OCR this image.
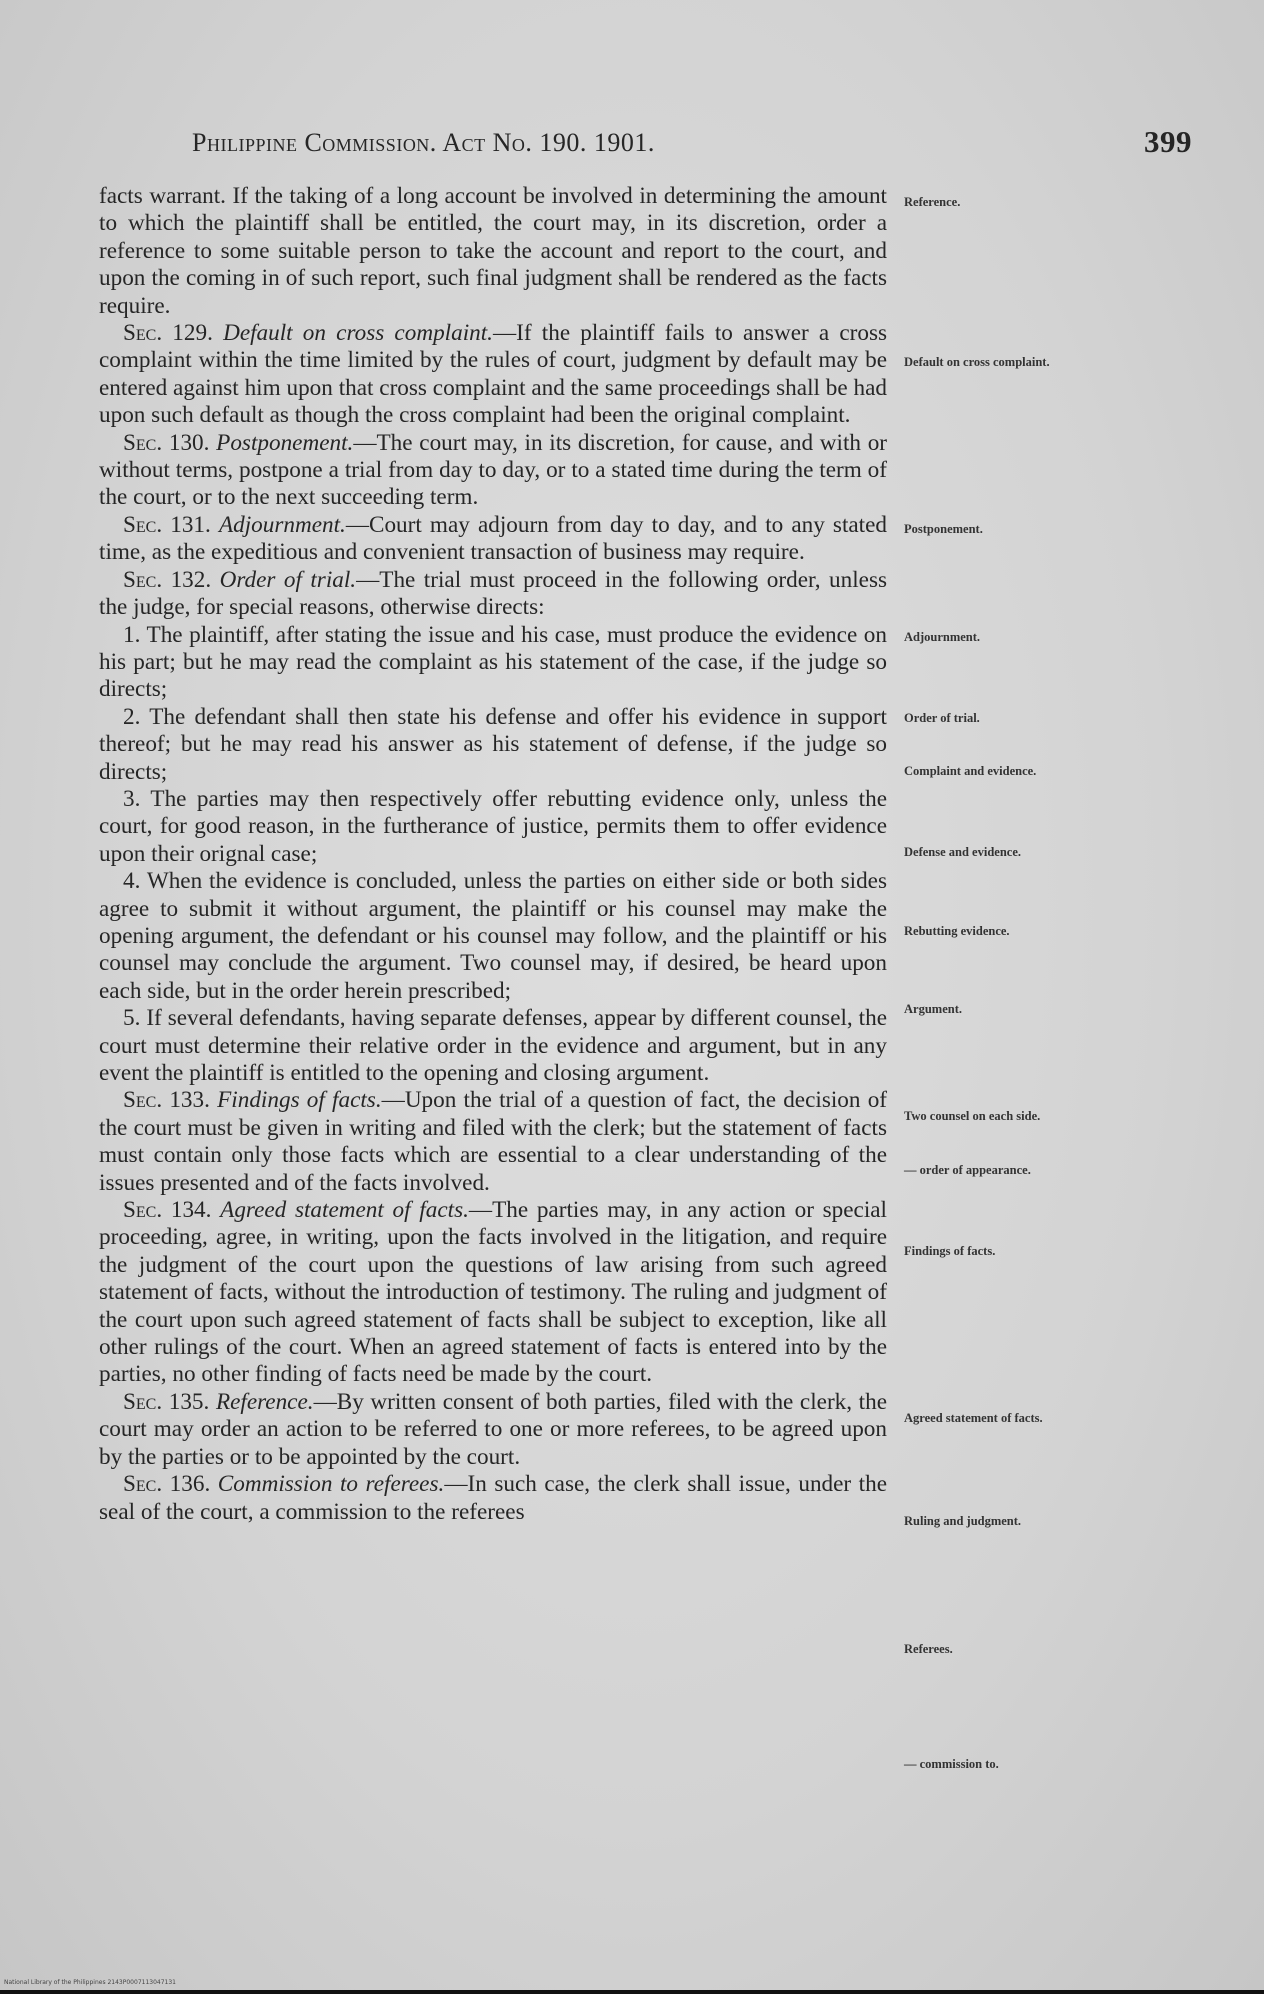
Philippine Commission. Act No. 190. 1901.	399

facts warrant. If the taking of a long account be involved in determining the amount to which the plaintiff shall be entitled, the court may, in its discretion, order a reference to some suitable person to take the account and report to the court, and upon the coming in of such report, such final judgment shall be rendered as the facts require.

Sec. 129. Default on cross complaint.—If the plaintiff fails to answer a cross complaint within the time limited by the rules of court, judgment by default may be entered against him upon that cross complaint and the same proceedings shall be had upon such default as though the cross complaint had been the original complaint.

Sec. 130. Postponement.—The court may, in its discretion, for cause, and with or without terms, postpone a trial from day to day, or to a stated time during the term of the court, or to the next succeeding term.

Sec. 131. Adjournment.—Court may adjourn from day to day, and to any stated time, as the expeditious and convenient transaction of business may require.

Sec. 132. Order of trial.—The trial must proceed in the following order, unless the judge, for special reasons, otherwise directs:

1. The plaintiff, after stating the issue and his case, must produce the evidence on his part; but he may read the complaint as his statement of the case, if the judge so directs;

2. The defendant shall then state his defense and offer his evidence in support thereof; but he may read his answer as his statement of defense, if the judge so directs;

3. The parties may then respectively offer rebutting evidence only, unless the court, for good reason, in the furtherance of justice, permits them to offer evidence upon their orignal case;

4. When the evidence is concluded, unless the parties on either side or both sides agree to submit it without argument, the plaintiff or his counsel may make the opening argument, the defendant or his counsel may follow, and the plaintiff or his counsel may conclude the argument. Two counsel may, if desired, be heard upon each side, but in the order herein prescribed;

5. If several defendants, having separate defenses, appear by different counsel, the court must determine their relative order in the evidence and argument, but in any event the plaintiff is entitled to the opening and closing argument.

Sec. 133. Findings of facts.—Upon the trial of a question of fact, the decision of the court must be given in writing and filed with the clerk; but the statement of facts must contain only those facts which are essential to a clear understanding of the issues presented and of the facts involved.

Sec. 134. Agreed statement of facts.—The parties may, in any action or special proceeding, agree, in writing, upon the facts involved in the litigation, and require the judgment of the court upon the questions of law arising from such agreed statement of facts, without the introduction of testimony. The ruling and judgment of the court upon such agreed statement of facts shall be subject to exception, like all other rulings of the court. When an agreed statement of facts is entered into by the parties, no other finding of facts need be made by the court.

Sec. 135. Reference.—By written consent of both parties, filed with the clerk, the court may order an action to be referred to one or more referees, to be agreed upon by the parties or to be appointed by the court.

Sec. 136. Commission to referees.—In such case, the clerk shall issue, under the seal of the court, a commission to the referees

Reference.
Default on cross complaint.
Postponement.
Adjournment.
Order of trial.
Complaint and evidence.
Defense and evidence.
Rebutting evidence.
Argument.
Two counsel on each side.
— order of appearance.
Findings of facts.
Agreed statement of facts.
Ruling and judgment.
Referees.
— commission to.
National Library of the Philippines 2143P0007113047131
